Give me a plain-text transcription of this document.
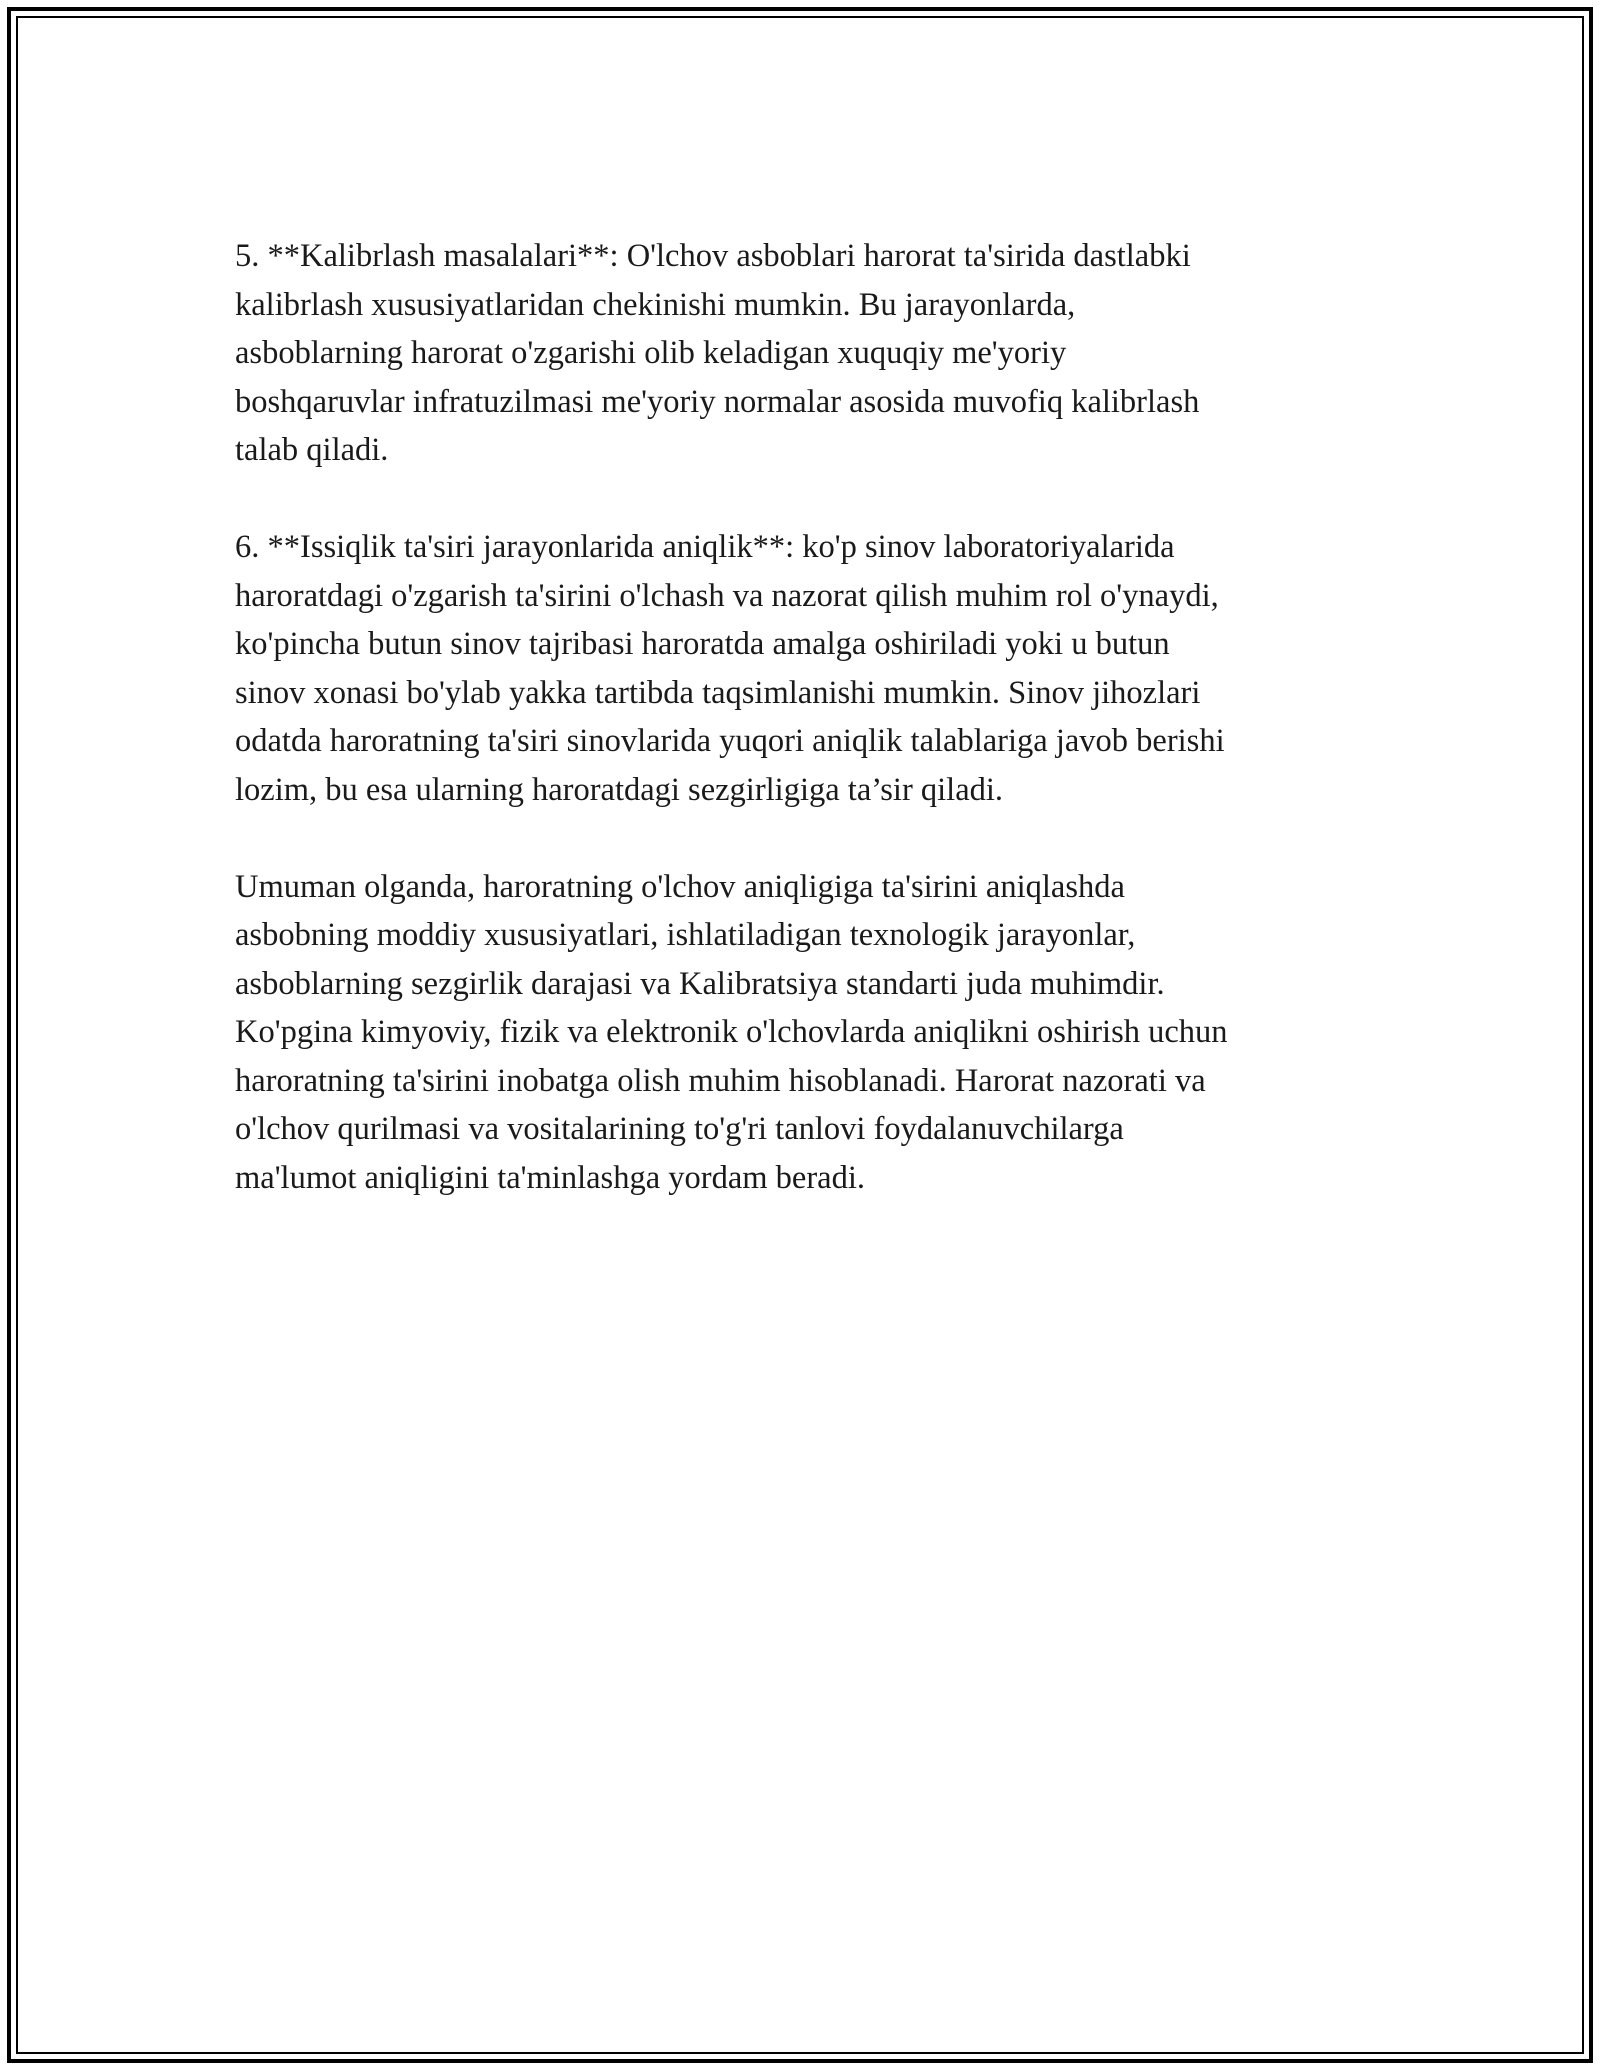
5. **Kalibrlash masalalari**: O'lchov asboblari harorat ta'sirida dastlabki
kalibrlash xususiyatlaridan chekinishi mumkin. Bu jarayonlarda,
asboblarning harorat o'zgarishi olib keladigan xuquqiy me'yoriy
boshqaruvlar infratuzilmasi me'yoriy normalar asosida muvofiq kalibrlash
talab qiladi.

6. **Issiqlik ta'siri jarayonlarida aniqlik**: ko'p sinov laboratoriyalarida
haroratdagi o'zgarish ta'sirini o'lchash va nazorat qilish muhim rol o'ynaydi,
ko'pincha butun sinov tajribasi haroratda amalga oshiriladi yoki u butun
sinov xonasi bo'ylab yakka tartibda taqsimlanishi mumkin. Sinov jihozlari
odatda haroratning ta'siri sinovlarida yuqori aniqlik talablariga javob berishi
lozim, bu esa ularning haroratdagi sezgirligiga ta’sir qiladi.

Umuman olganda, haroratning o'lchov aniqligiga ta'sirini aniqlashda
asbobning moddiy xususiyatlari, ishlatiladigan texnologik jarayonlar,
asboblarning sezgirlik darajasi va Kalibratsiya standarti juda muhimdir.
Ko'pgina kimyoviy, fizik va elektronik o'lchovlarda aniqlikni oshirish uchun
haroratning ta'sirini inobatga olish muhim hisoblanadi. Harorat nazorati va
o'lchov qurilmasi va vositalarining to'g'ri tanlovi foydalanuvchilarga
ma'lumot aniqligini ta'minlashga yordam beradi.
